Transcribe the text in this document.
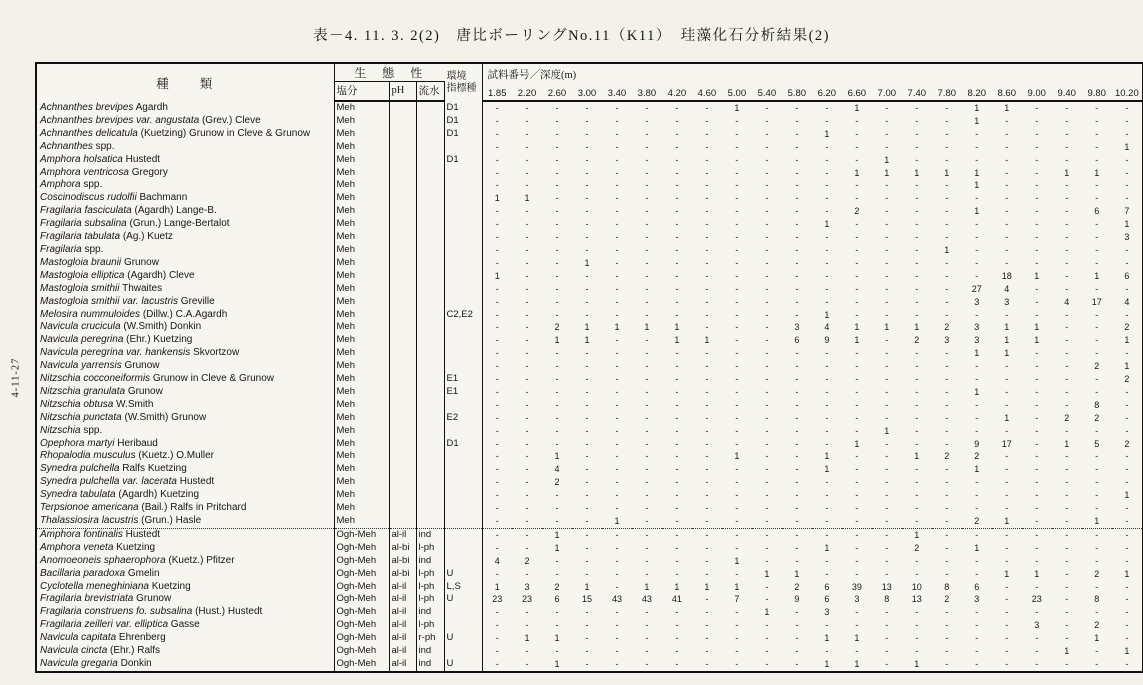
表－4. 11. 3. 2(2)　唐比ボーリングNo.11（K11）　珪藻化石分析結果(2)
4-11-27
種　　類	生　態　性			環境
指標種	試料番号／深度(m)																					
	塩分	pH	流水		1.85	2.20	2.60	3.00	3.40	3.80	4.20	4.60	5.00	5.40	5.80	6.20	6.60	7.00	7.40	7.80	8.20	8.60	9.00	9.40	9.80	10.20
Achnanthes brevipes Agardh	Meh			D1	-	-	-	-	-	-	-	-	1	-	-	-	1	-	-	-	1	1	-	-	-	-
Achnanthes brevipes var. angustata (Grev.) Cleve	Meh			D1	-	-	-	-	-	-	-	-	-	-	-	-	-	-	-	-	1	-	-	-	-	-
Achnanthes delicatula (Kuetzing) Grunow in Cleve & Grunow	Meh			D1	-	-	-	-	-	-	-	-	-	-	-	1	-	-	-	-	-	-	-	-	-	-
Achnanthes spp.	Meh				-	-	-	-	-	-	-	-	-	-	-	-	-	-	-	-	-	-	-	-	-	1
Amphora holsatica Hustedt	Meh			D1	-	-	-	-	-	-	-	-	-	-	-	-	-	1	-	-	-	-	-	-	-	-
Amphora ventricosa Gregory	Meh				-	-	-	-	-	-	-	-	-	-	-	-	1	1	1	1	1	-	-	1	1	-
Amphora spp.	Meh				-	-	-	-	-	-	-	-	-	-	-	-	-	-	-	-	1	-	-	-	-	-
Coscinodiscus rudolfii Bachmann	Meh				1	1	-	-	-	-	-	-	-	-	-	-	-	-	-	-	-	-	-	-	-	-
Fragilaria fasciculata (Agardh) Lange-B.	Meh				-	-	-	-	-	-	-	-	-	-	-	-	2	-	-	-	1	-	-	-	6	7
Fragilaria subsalina (Grun.) Lange-Bertalot	Meh				-	-	-	-	-	-	-	-	-	-	-	1	-	-	-	-	-	-	-	-	-	1
Fragilaria tabulata (Ag.) Kuetz	Meh				-	-	-	-	-	-	-	-	-	-	-	-	-	-	-	-	-	-	-	-	-	3
Fragilaria spp.	Meh				-	-	-	-	-	-	-	-	-	-	-	-	-	-	-	1	-	-	-	-	-	-
Mastogloia braunii Grunow	Meh				-	-	-	1	-	-	-	-	-	-	-	-	-	-	-	-	-	-	-	-	-	-
Mastogloia elliptica (Agardh) Cleve	Meh				1	-	-	-	-	-	-	-	-	-	-	-	-	-	-	-	-	18	1	-	1	6
Mastogloia smithii Thwaites	Meh				-	-	-	-	-	-	-	-	-	-	-	-	-	-	-	-	27	4	-	-	-	-
Mastogloia smithii var. lacustris Greville	Meh				-	-	-	-	-	-	-	-	-	-	-	-	-	-	-	-	3	3	-	4	17	4
Melosira nummuloides (Dillw.) C.A.Agardh	Meh			C2,E2	-	-	-	-	-	-	-	-	-	-	-	1	-	-	-	-	-	-	-	-	-	-
Navicula crucicula (W.Smith) Donkin	Meh				-	-	2	1	1	1	1	-	-	-	3	4	1	1	1	2	3	1	1	-	-	2
Navicula peregrina (Ehr.) Kuetzing	Meh				-	-	1	1	-	-	1	1	-	-	6	9	1	-	2	3	3	1	1	-	-	1
Navicula peregrina var. hankensis Skvortzow	Meh				-	-	-	-	-	-	-	-	-	-	-	-	-	-	-	-	1	1	-	-	-	-
Navicula yarrensis Grunow	Meh				-	-	-	-	-	-	-	-	-	-	-	-	-	-	-	-	-	-	-	-	2	1
Nitzschia cocconeiformis Grunow in Cleve & Grunow	Meh			E1	-	-	-	-	-	-	-	-	-	-	-	-	-	-	-	-	-	-	-	-	-	2
Nitzschia granulata Grunow	Meh			E1	-	-	-	-	-	-	-	-	-	-	-	-	-	-	-	-	1	-	-	-	-	-
Nitzschia obtusa W.Smith	Meh				-	-	-	-	-	-	-	-	-	-	-	-	-	-	-	-	-	-	-	-	8	-
Nitzschia punctata (W.Smith) Grunow	Meh			E2	-	-	-	-	-	-	-	-	-	-	-	-	-	-	-	-	-	1	-	2	2	-
Nitzschia spp.	Meh				-	-	-	-	-	-	-	-	-	-	-	-	-	1	-	-	-	-	-	-	-	-
Opephora martyi Heribaud	Meh			D1	-	-	-	-	-	-	-	-	-	-	-	-	1	-	-	-	9	17	-	1	5	2
Rhopalodia musculus (Kuetz.) O.Muller	Meh				-	-	1	-	-	-	-	-	1	-	-	1	-	-	1	2	2	-	-	-	-	-
Synedra pulchella Ralfs Kuetzing	Meh				-	-	4	-	-	-	-	-	-	-	-	1	-	-	-	-	1	-	-	-	-	-
Synedra pulchella var. lacerata Hustedt	Meh				-	-	2	-	-	-	-	-	-	-	-	-	-	-	-	-	-	-	-	-	-	-
Synedra tabulata (Agardh) Kuetzing	Meh				-	-	-	-	-	-	-	-	-	-	-	-	-	-	-	-	-	-	-	-	-	1
Terpsionoe americana (Bail.) Ralfs in Pritchard	Meh				-	-	-	-	-	-	-	-	-	-	-	-	-	-	-	-	-	-	-	-	-	-
Thalassiosira lacustris (Grun.) Hasle	Meh				-	-	-	-	1	-	-	-	-	-	-	-	-	-	-	-	2	1	-	-	1	-
Amphora fontinalis Hustedt	Ogh-Meh	al-il	ind		-	-	1	-	-	-	-	-	-	-	-	-	-	-	1	-	-	-	-	-	-	-
Amphora veneta Kuetzing	Ogh-Meh	al-bi	l-ph		-	-	1	-	-	-	-	-	-	-	-	1	-	-	2	-	1	-	-	-	-	-
Anomoeoneis sphaerophora (Kuetz.) Pfitzer	Ogh-Meh	al-bi	ind		4	2	-	-	-	-	-	-	1	-	-	-	-	-	-	-	-	-	-	-	-	-
Bacillaria paradoxa Gmelin	Ogh-Meh	al-bi	l-ph	U	-	-	-	-	-	-	-	-	-	1	1	-	-	-	-	-	-	1	1	-	2	1
Cyclotella meneghiniana Kuetzing	Ogh-Meh	al-il	l-ph	L,S	1	3	2	1	-	1	1	1	1	-	2	6	39	13	10	8	6	-	-	-	-	-
Fragilaria brevistriata Grunow	Ogh-Meh	al-il	l-ph	U	23	23	6	15	43	43	41	-	7	-	9	6	3	8	13	2	3	-	23	-	8	-
Fragilaria construens fo. subsalina (Hust.) Hustedt	Ogh-Meh	al-il	ind		-	-	-	-	-	-	-	-	-	1	-	3	-	-	-	-	-	-	-	-	-	-
Fragilaria zeilleri var. elliptica Gasse	Ogh-Meh	al-il	l-ph		-	-	-	-	-	-	-	-	-	-	-	-	-	-	-	-	-	-	3	-	2	-
Navicula capitata Ehrenberg	Ogh-Meh	al-il	r-ph	U	-	1	1	-	-	-	-	-	-	-	-	1	1	-	-	-	-	-	-	-	1	-
Navicula cincta (Ehr.) Ralfs	Ogh-Meh	al-il	ind		-	-	-	-	-	-	-	-	-	-	-	-	-	-	-	-	-	-	-	1	-	1
Navicula gregaria Donkin	Ogh-Meh	al-il	ind	U	-	-	1	-	-	-	-	-	-	-	-	1	1	-	1	-	-	-	-	-	-	-
